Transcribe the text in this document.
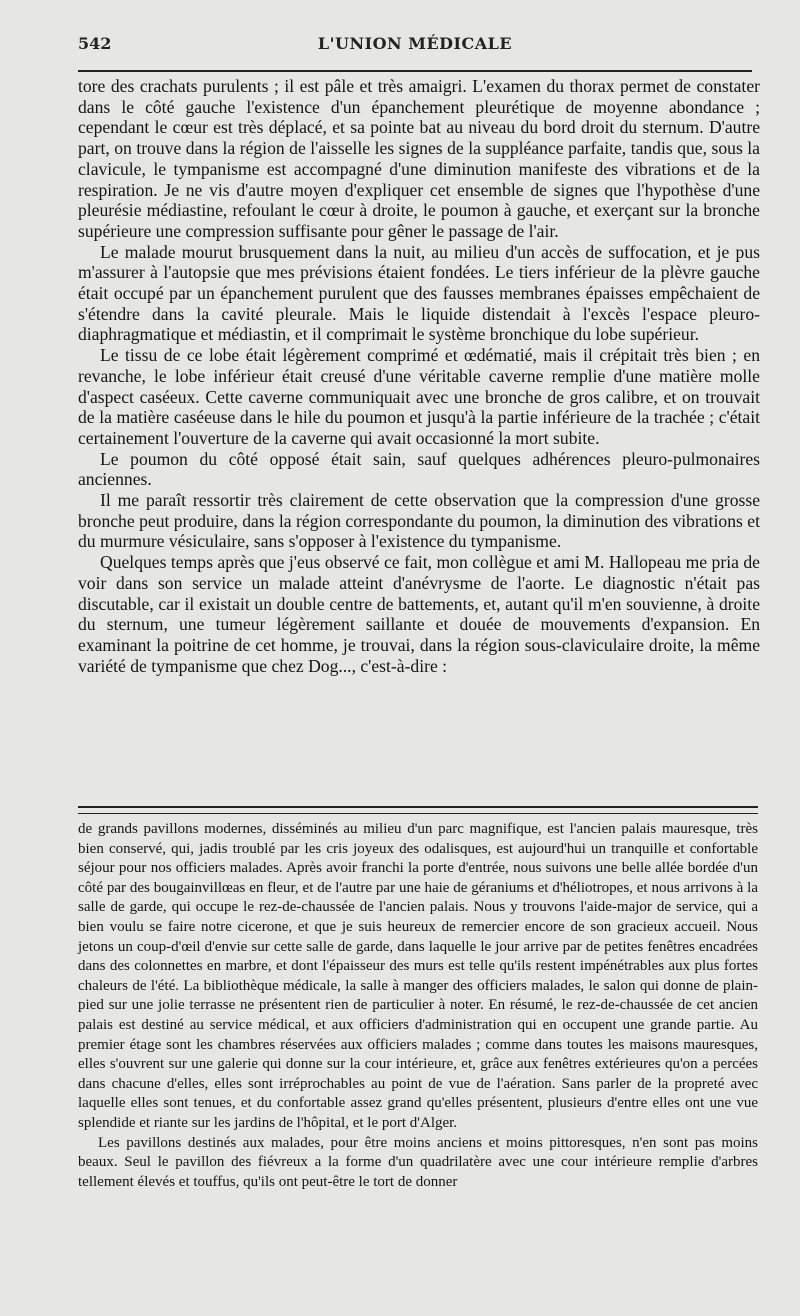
542	L'UNION MÉDICALE

tore des crachats purulents ; il est pâle et très amaigri. L'examen du thorax permet de constater dans le côté gauche l'existence d'un épanchement pleurétique de moyenne abondance ; cependant le cœur est très déplacé, et sa pointe bat au niveau du bord droit du sternum. D'autre part, on trouve dans la région de l'aisselle les signes de la suppléance parfaite, tandis que, sous la clavicule, le tympanisme est accompagné d'une diminution manifeste des vibrations et de la respiration. Je ne vis d'autre moyen d'expliquer cet ensemble de signes que l'hypothèse d'une pleurésie médiastine, refoulant le cœur à droite, le poumon à gauche, et exerçant sur la bronche supérieure une compression suffisante pour gêner le passage de l'air.

Le malade mourut brusquement dans la nuit, au milieu d'un accès de suffocation, et je pus m'assurer à l'autopsie que mes prévisions étaient fondées. Le tiers inférieur de la plèvre gauche était occupé par un épanchement purulent que des fausses membranes épaisses empêchaient de s'étendre dans la cavité pleurale. Mais le liquide distendait à l'excès l'espace pleuro-diaphragmatique et médiastin, et il comprimait le système bronchique du lobe supérieur.

Le tissu de ce lobe était légèrement comprimé et œdématié, mais il crépitait très bien ; en revanche, le lobe inférieur était creusé d'une véritable caverne remplie d'une matière molle d'aspect caséeux. Cette caverne communiquait avec une bronche de gros calibre, et on trouvait de la matière caséeuse dans le hile du poumon et jusqu'à la partie inférieure de la trachée ; c'était certainement l'ouverture de la caverne qui avait occasionné la mort subite.

Le poumon du côté opposé était sain, sauf quelques adhérences pleuro-pulmonaires anciennes.

Il me paraît ressortir très clairement de cette observation que la compression d'une grosse bronche peut produire, dans la région correspondante du poumon, la diminution des vibrations et du murmure vésiculaire, sans s'opposer à l'existence du tympanisme.

Quelques temps après que j'eus observé ce fait, mon collègue et ami M. Hallopeau me pria de voir dans son service un malade atteint d'anévrysme de l'aorte. Le diagnostic n'était pas discutable, car il existait un double centre de battements, et, autant qu'il m'en souvienne, à droite du sternum, une tumeur légèrement saillante et douée de mouvements d'expansion. En examinant la poitrine de cet homme, je trouvai, dans la région sous-claviculaire droite, la même variété de tympanisme que chez Dog..., c'est-à-dire :

de grands pavillons modernes, disséminés au milieu d'un parc magnifique, est l'ancien palais mauresque, très bien conservé, qui, jadis troublé par les cris joyeux des odalisques, est aujourd'hui un tranquille et confortable séjour pour nos officiers malades. Après avoir franchi la porte d'entrée, nous suivons une belle allée bordée d'un côté par des bougainvillœas en fleur, et de l'autre par une haie de géraniums et d'héliotropes, et nous arrivons à la salle de garde, qui occupe le rez-de-chaussée de l'ancien palais. Nous y trouvons l'aide-major de service, qui a bien voulu se faire notre cicerone, et que je suis heureux de remercier encore de son gracieux accueil. Nous jetons un coup-d'œil d'envie sur cette salle de garde, dans laquelle le jour arrive par de petites fenêtres encadrées dans des colonnettes en marbre, et dont l'épaisseur des murs est telle qu'ils restent impénétrables aux plus fortes chaleurs de l'été. La bibliothèque médicale, la salle à manger des officiers malades, le salon qui donne de plain-pied sur une jolie terrasse ne présentent rien de particulier à noter. En résumé, le rez-de-chaussée de cet ancien palais est destiné au service médical, et aux officiers d'administration qui en occupent une grande partie. Au premier étage sont les chambres réservées aux officiers malades ; comme dans toutes les maisons mauresques, elles s'ouvrent sur une galerie qui donne sur la cour intérieure, et, grâce aux fenêtres extérieures qu'on a percées dans chacune d'elles, elles sont irréprochables au point de vue de l'aération. Sans parler de la propreté avec laquelle elles sont tenues, et du confortable assez grand qu'elles présentent, plusieurs d'entre elles ont une vue splendide et riante sur les jardins de l'hôpital, et le port d'Alger.

Les pavillons destinés aux malades, pour être moins anciens et moins pittoresques, n'en sont pas moins beaux. Seul le pavillon des fiévreux a la forme d'un quadrilatère avec une cour intérieure remplie d'arbres tellement élevés et touffus, qu'ils ont peut-être le tort de donner
